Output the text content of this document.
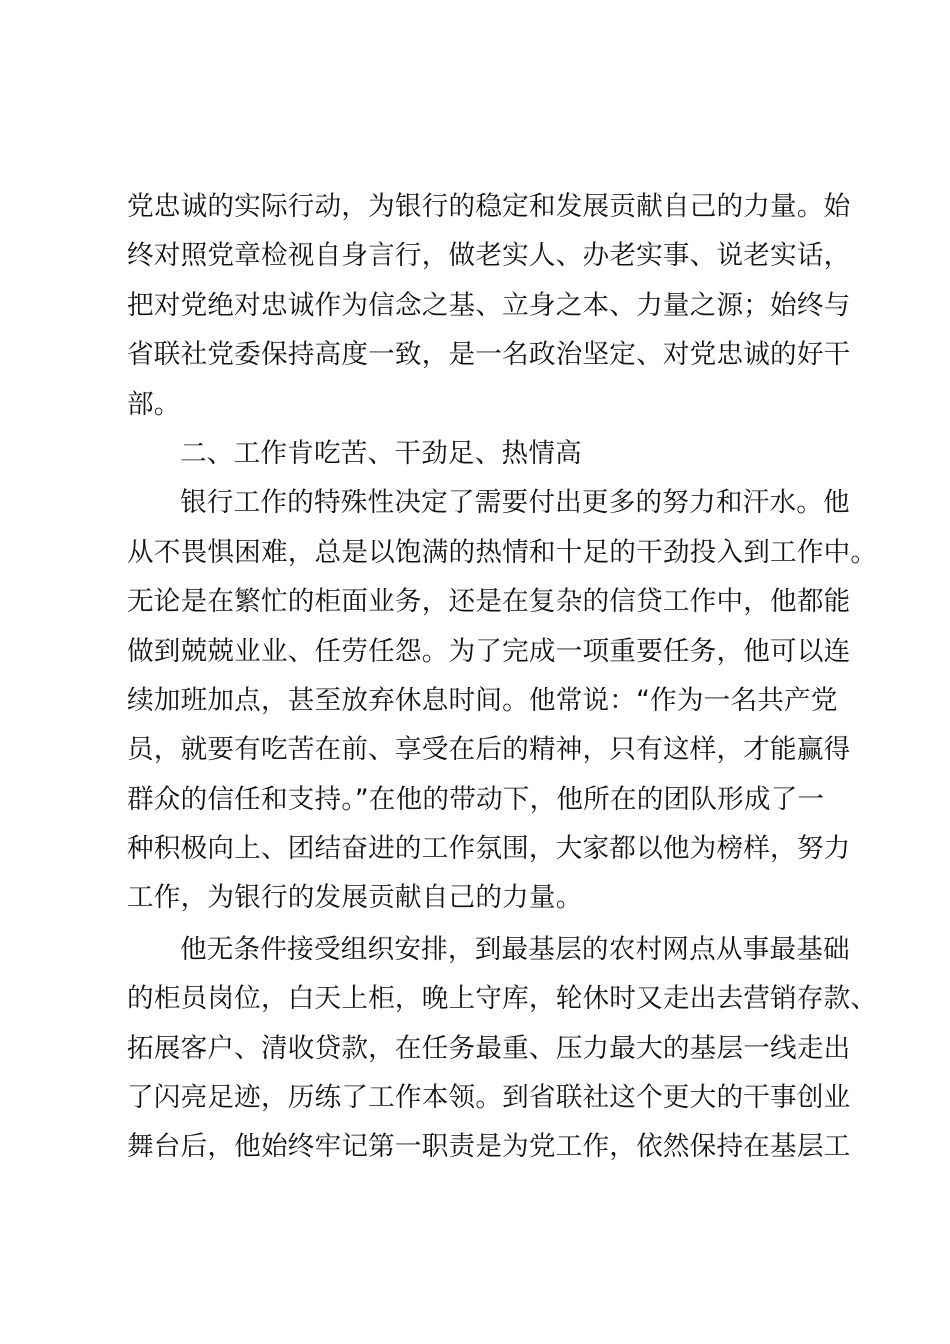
党忠诚的实际行动，为银行的稳定和发展贡献自己的力量。始
终对照党章检视自身言行，做老实人、办老实事、说老实话，
把对党绝对忠诚作为信念之基、立身之本、力量之源；始终与
省联社党委保持高度一致，是一名政治坚定、对党忠诚的好干
部。
二、工作肯吃苦、干劲足、热情高
银行工作的特殊性决定了需要付出更多的努力和汗水。他
从不畏惧困难，总是以饱满的热情和十足的干劲投入到工作中。
无论是在繁忙的柜面业务，还是在复杂的信贷工作中，他都能
做到兢兢业业、任劳任怨。为了完成一项重要任务，他可以连
续加班加点，甚至放弃休息时间。他常说：“作为一名共产党
员，就要有吃苦在前、享受在后的精神，只有这样，才能赢得
群众的信任和支持。”在他的带动下，他所在的团队形成了一
种积极向上、团结奋进的工作氛围，大家都以他为榜样，努力
工作，为银行的发展贡献自己的力量。
他无条件接受组织安排，到最基层的农村网点从事最基础
的柜员岗位，白天上柜，晚上守库，轮休时又走出去营销存款、
拓展客户、清收贷款，在任务最重、压力最大的基层一线走出
了闪亮足迹，历练了工作本领。到省联社这个更大的干事创业
舞台后，他始终牢记第一职责是为党工作，依然保持在基层工
